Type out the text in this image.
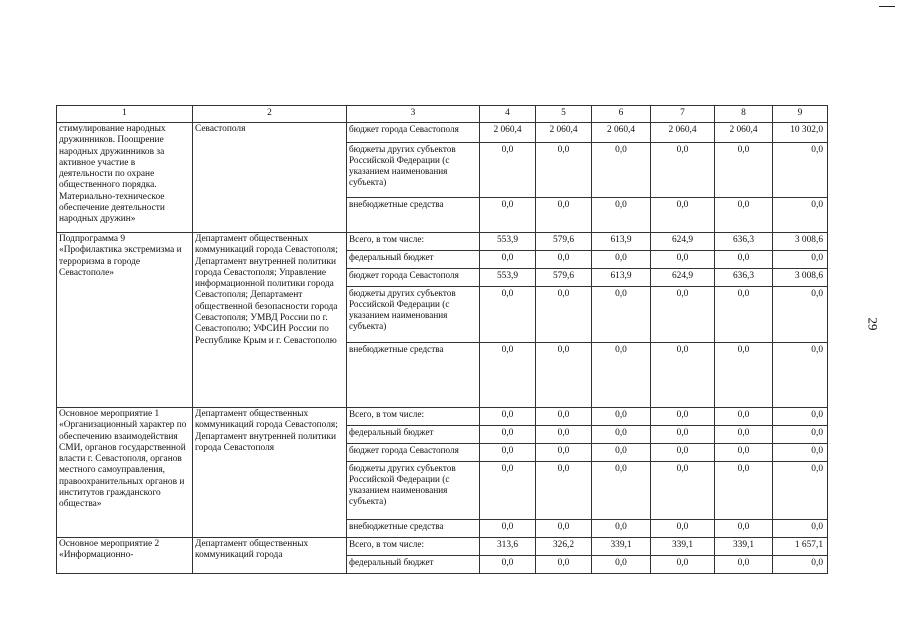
29
1	2	3	4	5	6	7	8	9
стимулирование народных дружинников. Поощрение народных дружинников за активное участие в деятельности по охране общественного порядка. Материально-техническое обеспечение деятельности народных дружин»	Севастополя	бюджет города Севастополя	2 060,4	2 060,4	2 060,4	2 060,4	2 060,4	10 302,0
		бюджеты других субъектов Российской Федерации (с указанием наименования субъекта)	0,0	0,0	0,0	0,0	0,0	0,0
		внебюджетные средства	0,0	0,0	0,0	0,0	0,0	0,0
Подпрограмма 9 «Профилактика экстремизма и терроризма в городе Севастополе»	Департамент общественных коммуникаций города Севастополя; Департамент внутренней политики города Севастополя; Управление информационной политики города Севастополя; Департамент общественной безопасности города Севастополя; УМВД России по г. Севастополю; УФСИН России по Республике Крым и г. Севастополю	Всего, в том числе:	553,9	579,6	613,9	624,9	636,3	3 008,6
		федеральный бюджет	0,0	0,0	0,0	0,0	0,0	0,0
		бюджет города Севастополя	553,9	579,6	613,9	624,9	636,3	3 008,6
		бюджеты других субъектов Российской Федерации (с указанием наименования субъекта)	0,0	0,0	0,0	0,0	0,0	0,0
		внебюджетные средства	0,0	0,0	0,0	0,0	0,0	0,0
Основное мероприятие 1 «Организационный характер по обеспечению взаимодействия СМИ, органов государственной власти г. Севастополя, органов местного самоуправления, правоохранительных органов и институтов гражданского общества»	Департамент общественных коммуникаций города Севастополя; Департамент внутренней политики города Севастополя	Всего, в том числе:	0,0	0,0	0,0	0,0	0,0	0,0
		федеральный бюджет	0,0	0,0	0,0	0,0	0,0	0,0
		бюджет города Севастополя	0,0	0,0	0,0	0,0	0,0	0,0
		бюджеты других субъектов Российской Федерации (с указанием наименования субъекта)	0,0	0,0	0,0	0,0	0,0	0,0
		внебюджетные средства	0,0	0,0	0,0	0,0	0,0	0,0
Основное мероприятие 2 «Информационно-	Департамент общественных коммуникаций города	Всего, в том числе:	313,6	326,2	339,1	339,1	339,1	1 657,1
		федеральный бюджет	0,0	0,0	0,0	0,0	0,0	0,0
